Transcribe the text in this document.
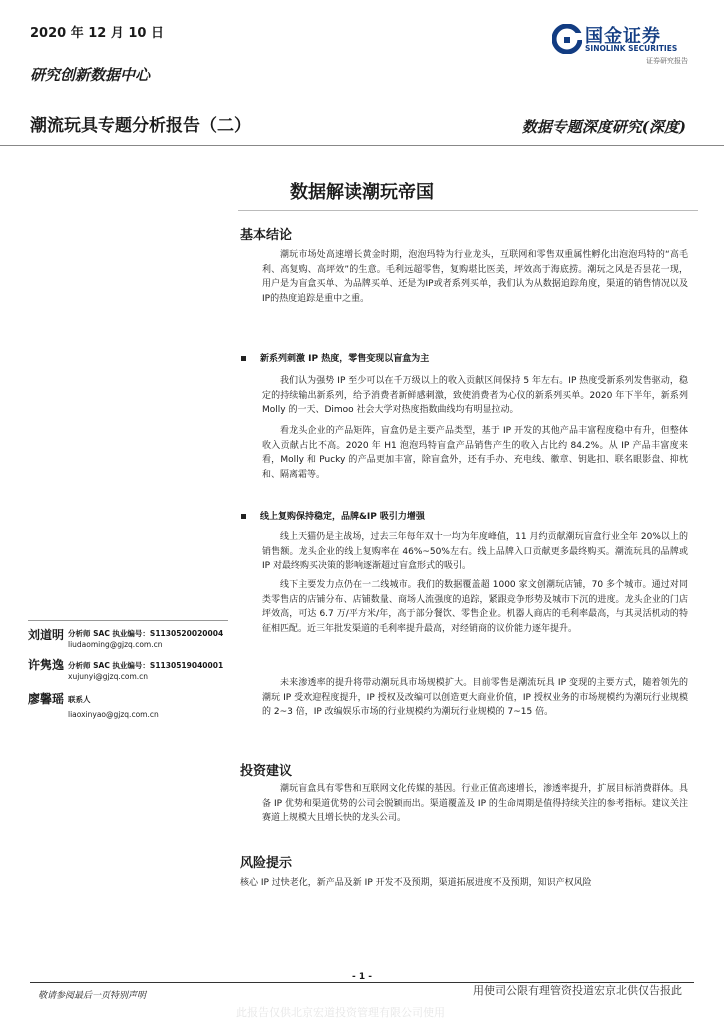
2020 年 12 月 10 日
研究创新数据中心
潮流玩具专题分析报告（二）	数据专题深度研究(深度)
国金证券
SINOLINK SECURITIES
证券研究报告
数据解读潮玩帝国
基本结论
潮玩市场处高速增长黄金时期，泡泡玛特为行业龙头，互联网和零售双重属性孵化出泡泡玛特的“高毛利、高复购、高坪效”的生意。毛利远超零售，复购堪比医美，坪效高于海底捞。潮玩之风是否昙花一现，用户是为盲盒买单、为品牌买单、还是为IP或者系列买单，我们认为从数据追踪角度，渠道的销售情况以及IP的热度追踪是重中之重。
新系列刺激 IP 热度，零售变现以盲盒为主
我们认为强势 IP 至少可以在千万级以上的收入贡献区间保持 5 年左右。IP 热度受新系列发售驱动，稳定的持续输出新系列，给予消费者新鲜感刺激，致使消费者为心仪的新系列买单。2020 年下半年，新系列 Molly 的一天、Dimoo 社会大学对热度指数曲线均有明显拉动。
看龙头企业的产品矩阵，盲盒仍是主要产品类型，基于 IP 开发的其他产品丰富程度稳中有升，但整体收入贡献占比不高。2020 年 H1 泡泡玛特盲盒产品销售产生的收入占比约 84.2%。从 IP 产品丰富度来看，Molly 和 Pucky 的产品更加丰富，除盲盒外，还有手办、充电线、徽章、钥匙扣、联名眼影盘、抑枕和、隔离霜等。
线上复购保持稳定，品牌&IP 吸引力增强
线上天猫仍是主战场，过去三年每年双十一均为年度峰值，11 月约贡献潮玩盲盒行业全年 20%以上的销售额。龙头企业的线上复购率在 46%~50%左右。线上品牌入口贡献更多最终购买。潮流玩具的品牌或 IP 对最终购买决策的影响逐渐超过盲盒形式的吸引。
线下主要发力点仍在一二线城市。我们的数据覆盖超 1000 家文创潮玩店铺，70 多个城市。通过对同类零售店的店铺分布、店铺数量、商场人流强度的追踪，紧跟竞争形势及城市下沉的进度。龙头企业的门店坪效高，可达 6.7 万/平方米/年，高于部分餐饮、零售企业。机器人商店的毛利率最高，与其灵活机动的特征相匹配。近三年批发渠道的毛利率提升最高，对经销商的议价能力逐年提升。
未来渗透率的提升将带动潮玩具市场规模扩大。目前零售是潮流玩具 IP 变现的主要方式，随着领先的潮玩 IP 受欢迎程度提升，IP 授权及改编可以创造更大商业价值，IP 授权业务的市场规模约为潮玩行业规模的 2~3 倍，IP 改编娱乐市场的行业规模约为潮玩行业规模的 7~15 倍。
投资建议
潮玩盲盒具有零售和互联网文化传媒的基因。行业正值高速增长，渗透率提升，扩展目标消费群体。具备 IP 优势和渠道优势的公司会脱颖而出。渠道覆盖及 IP 的生命周期是值得持续关注的参考指标。建议关注赛道上规模大且增长快的龙头公司。
风险提示
核心 IP 过快老化，新产品及新 IP 开发不及预期，渠道拓展进度不及预期，知识产权风险
刘道明 分析师 SAC 执业编号：S1130520020004
liudaoming@gjzq.com.cn
许隽逸 分析师 SAC 执业编号：S1130519040001
xujunyi@gjzq.com.cn
廖馨瑶 联系人
liaoxinyao@gjzq.com.cn
- 1 -
敬请参阅最后一页特别声明	用使司公限有理管资投道宏京北供仅告报此
此报告仅供北京宏道投资管理有限公司使用
